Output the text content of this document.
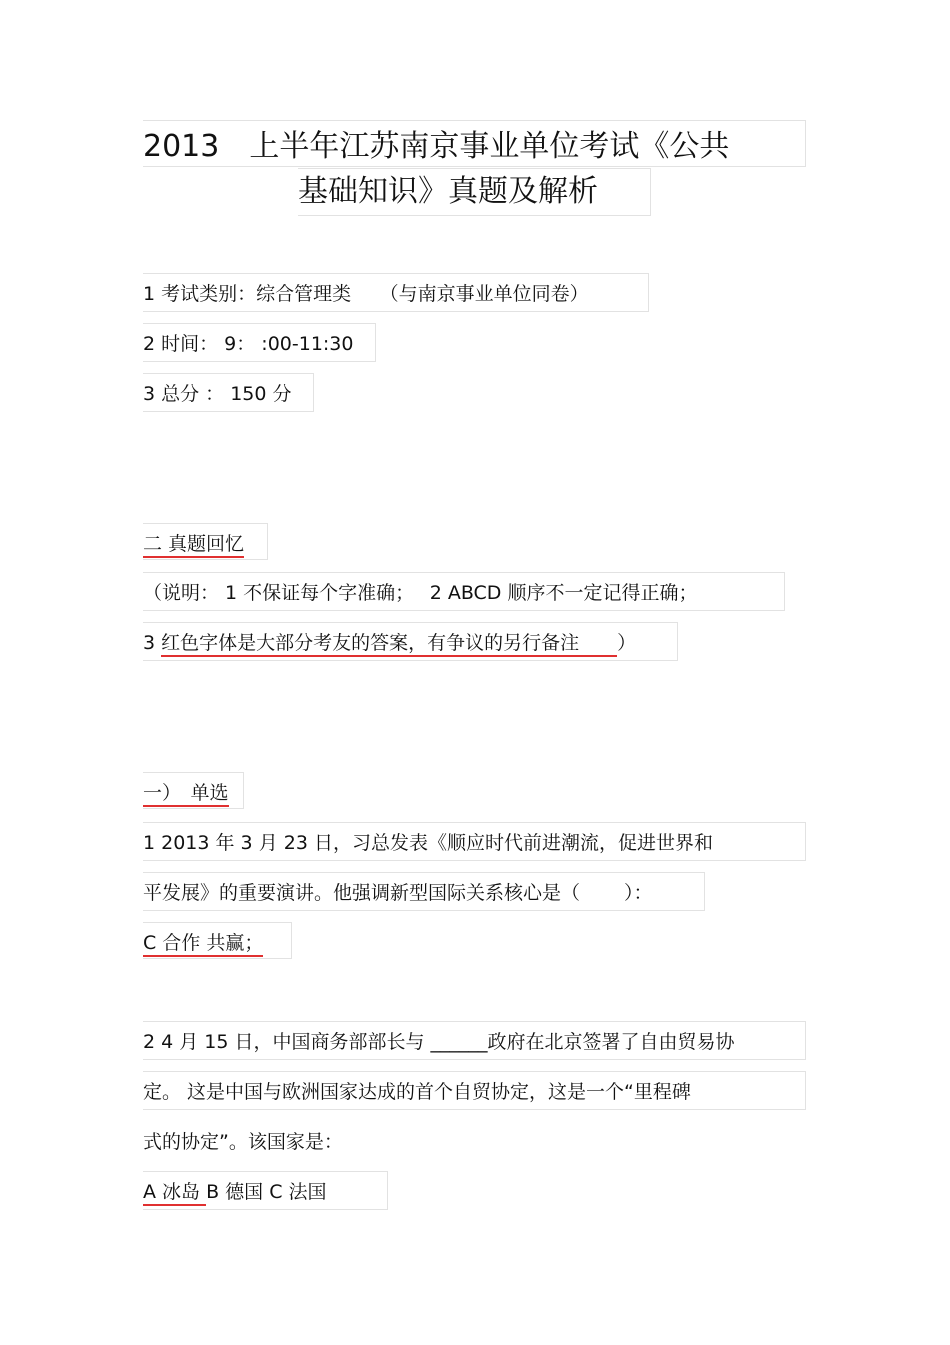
2013　上半年江苏南京事业单位考试《公共
基础知识》真题及解析
1 考试类别：综合管理类　　（与南京事业单位同卷）
2 时间： 9： :00-11:30
3 总分 ： 150 分
二 真题回忆
（说明： 1 不保证每个字准确；　 2 ABCD 顺序不一定记得正确；
3 红色字体是大部分考友的答案，有争议的另行备注　　）
一）　单选
1 2013 年 3 月 23 日，习总发表《顺应时代前进潮流，促进世界和
平发展》的重要演讲。他强调新型国际关系核心是（　　 ）：
C 合作 共赢；
2 4 月 15 日，中国商务部部长与 ______政府在北京签署了自由贸易协
定。 这是中国与欧洲国家达成的首个自贸协定，这是一个“里程碑
式的协定”。该国家是：
A 冰岛 B 德国 C 法国
